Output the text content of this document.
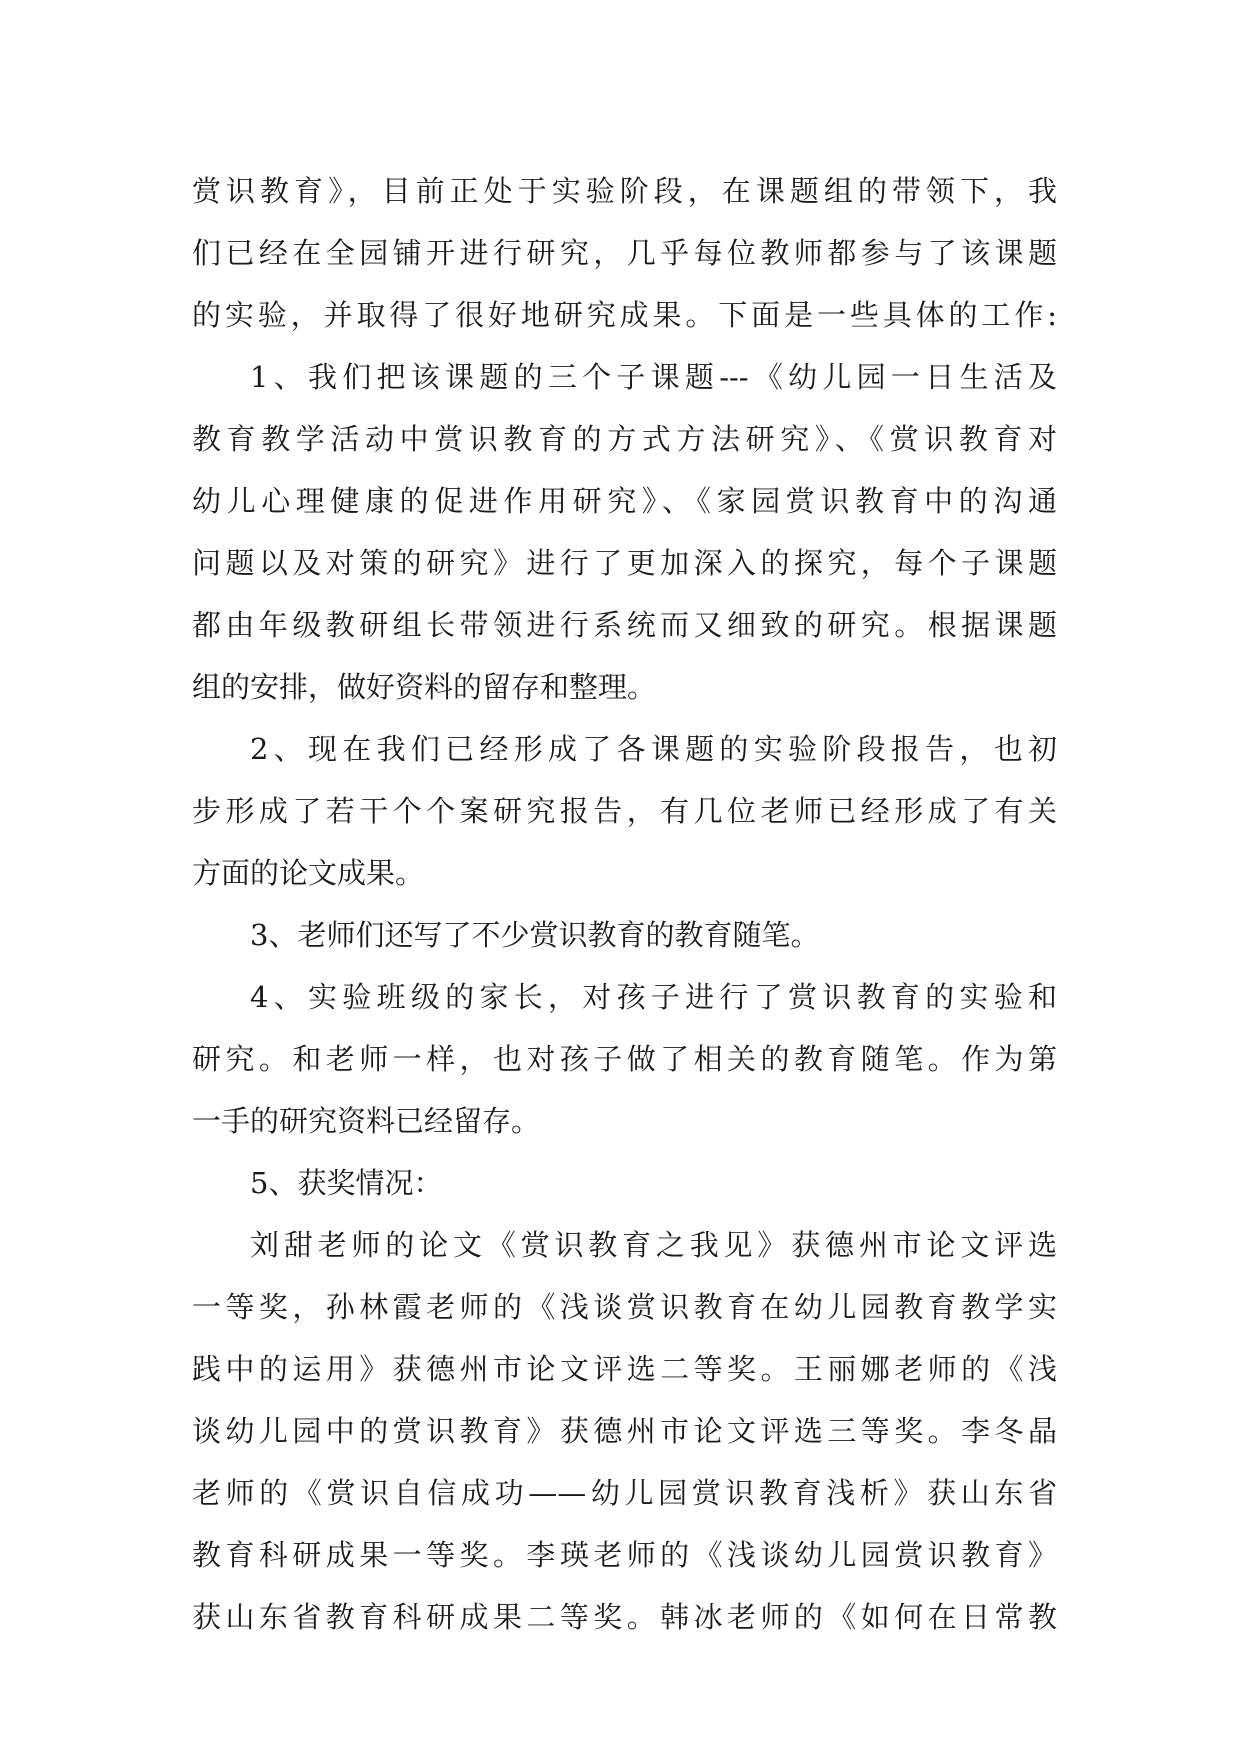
赏识教育》，目前正处于实验阶段，在课题组的带领下，我
们已经在全园铺开进行研究，几乎每位教师都参与了该课题
的实验，并取得了很好地研究成果。下面是一些具体的工作:
1、我们把该课题的三个子课题---《幼儿园一日生活及
教育教学活动中赏识教育的方式方法研究》、《赏识教育对
幼儿心理健康的促进作用研究》、《家园赏识教育中的沟通
问题以及对策的研究》进行了更加深入的探究，每个子课题
都由年级教研组长带领进行系统而又细致的研究。根据课题
组的安排，做好资料的留存和整理。
2、现在我们已经形成了各课题的实验阶段报告，也初
步形成了若干个个案研究报告，有几位老师已经形成了有关
方面的论文成果。
3、老师们还写了不少赏识教育的教育随笔。
4、实验班级的家长，对孩子进行了赏识教育的实验和
研究。和老师一样，也对孩子做了相关的教育随笔。作为第
一手的研究资料已经留存。
5、获奖情况：
刘甜老师的论文《赏识教育之我见》获德州市论文评选
一等奖，孙林霞老师的《浅谈赏识教育在幼儿园教育教学实
践中的运用》获德州市论文评选二等奖。王丽娜老师的《浅
谈幼儿园中的赏识教育》获德州市论文评选三等奖。李冬晶
老师的《赏识自信成功——幼儿园赏识教育浅析》获山东省
教育科研成果一等奖。李瑛老师的《浅谈幼儿园赏识教育》
获山东省教育科研成果二等奖。韩冰老师的《如何在日常教
